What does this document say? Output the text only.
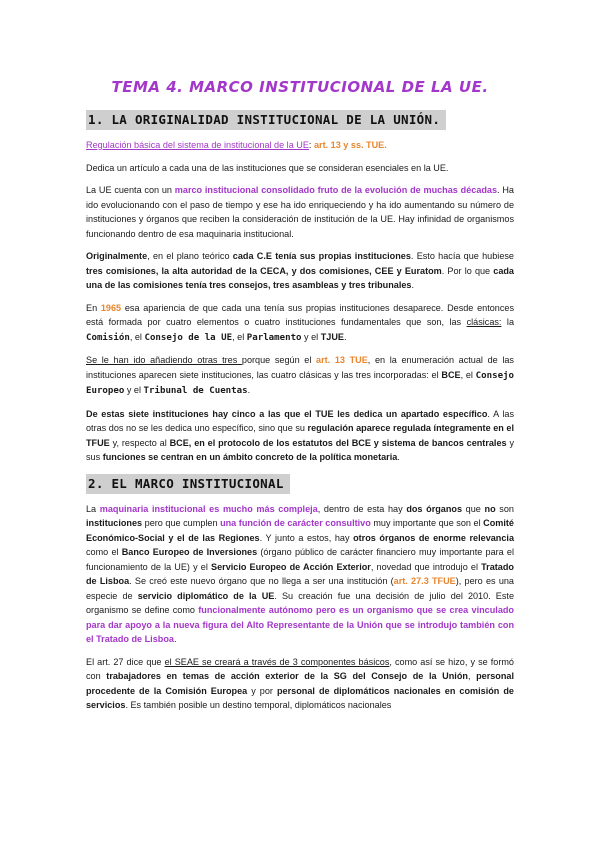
TEMA 4. MARCO INSTITUCIONAL DE LA UE.
1. LA ORIGINALIDAD INSTITUCIONAL DE LA UNIÓN.

Regulación básica del sistema de institucional de la UE: art. 13 y ss. TUE.

Dedica un artículo a cada una de las instituciones que se consideran esenciales en la UE.

La UE cuenta con un marco institucional consolidado fruto de la evolución de muchas décadas. Ha ido evolucionando con el paso de tiempo y ese ha ido enriqueciendo y ha ido aumentando su número de instituciones y órganos que reciben la consideración de institución de la UE. Hay infinidad de organismos funcionando dentro de esa maquinaria institucional.

Originalmente, en el plano teórico cada C.E tenía sus propias instituciones. Esto hacía que hubiese tres comisiones, la alta autoridad de la CECA, y dos comisiones, CEE y Euratom. Por lo que cada una de las comisiones tenía tres consejos, tres asambleas y tres tribunales.

En 1965 esa apariencia de que cada una tenía sus propias instituciones desaparece. Desde entonces está formada por cuatro elementos o cuatro instituciones fundamentales que son, las clásicas: la Comisión, el Consejo de la UE, el Parlamento y el TJUE.

Se le han ido añadiendo otras tres porque según el art. 13 TUE, en la enumeración actual de las instituciones aparecen siete instituciones, las cuatro clásicas y las tres incorporadas: el BCE, el Consejo Europeo y el Tribunal de Cuentas.

De estas siete instituciones hay cinco a las que el TUE les dedica un apartado específico. A las otras dos no se les dedica uno específico, sino que su regulación aparece regulada íntegramente en el TFUE y, respecto al BCE, en el protocolo de los estatutos del BCE y sistema de bancos centrales y sus funciones se centran en un ámbito concreto de la política monetaria.

2. EL MARCO INSTITUCIONAL

La maquinaria institucional es mucho más compleja, dentro de esta hay dos órganos que no son instituciones pero que cumplen una función de carácter consultivo muy importante que son el Comité Económico-Social y el de las Regiones. Y junto a estos, hay otros órganos de enorme relevancia como el Banco Europeo de Inversiones (órgano público de carácter financiero muy importante para el funcionamiento de la UE) y el Servicio Europeo de Acción Exterior, novedad que introdujo el Tratado de Lisboa. Se creó este nuevo órgano que no llega a ser una institución (art. 27.3 TFUE), pero es una especie de servicio diplomático de la UE. Su creación fue una decisión de julio del 2010. Este organismo se define como funcionalmente autónomo pero es un organismo que se crea vinculado para dar apoyo a la nueva figura del Alto Representante de la Unión que se introdujo también con el Tratado de Lisboa.

El art. 27 dice que el SEAE se creará a través de 3 componentes básicos, como así se hizo, y se formó con trabajadores en temas de acción exterior de la SG del Consejo de la Unión, personal procedente de la Comisión Europea y por personal de diplomáticos nacionales en comisión de servicios. Es también posible un destino temporal, diplomáticos nacionales
